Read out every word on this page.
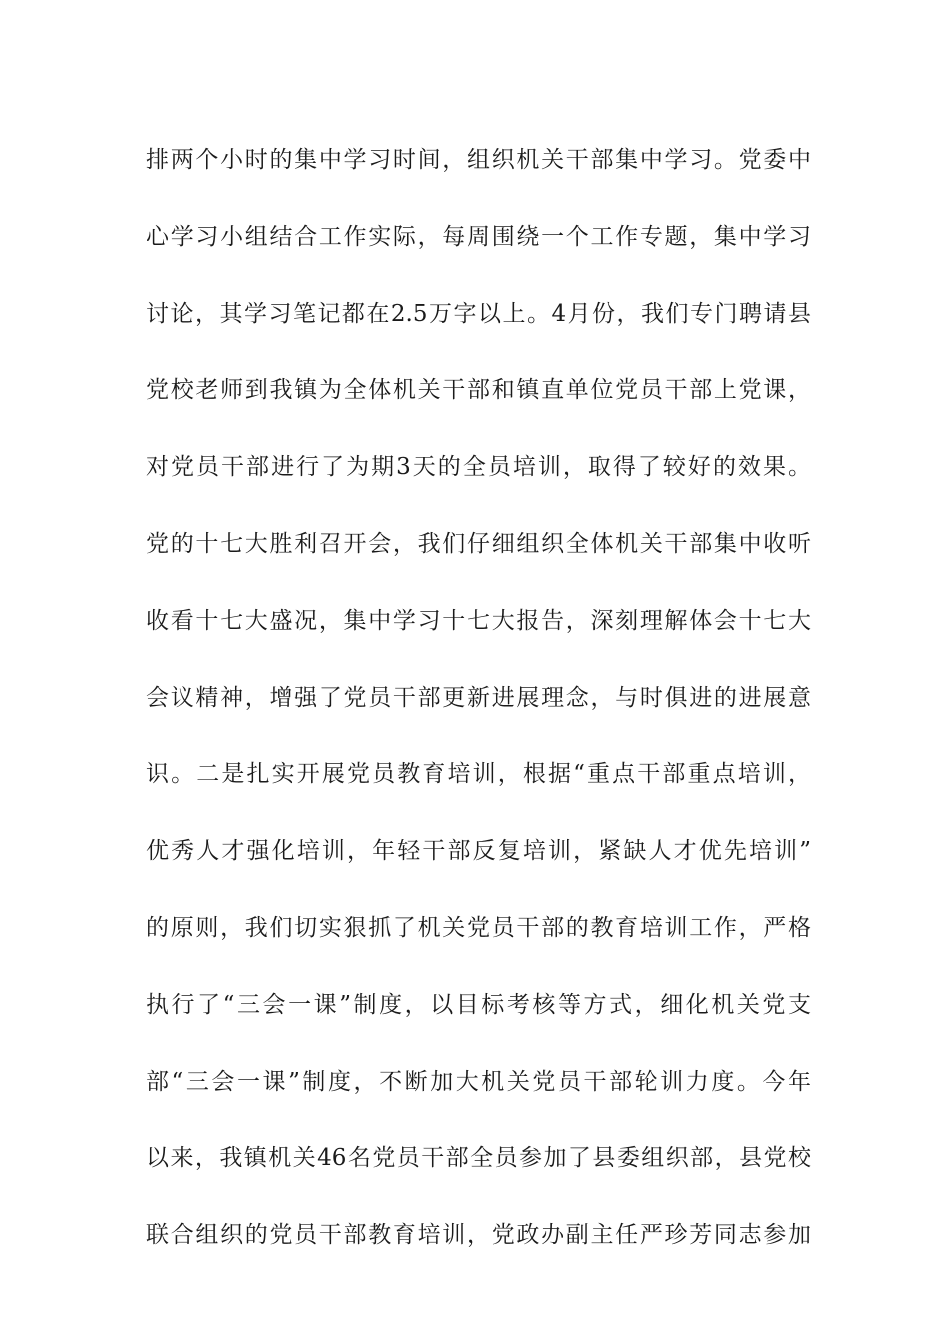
排两个小时的集中学习时间，组织机关干部集中学习。党委中
心学习小组结合工作实际，每周围绕一个工作专题，集中学习
讨论，其学习笔记都在2.5万字以上。4月份，我们专门聘请县
党校老师到我镇为全体机关干部和镇直单位党员干部上党课，
对党员干部进行了为期3天的全员培训，取得了较好的效果。
党的十七大胜利召开会，我们仔细组织全体机关干部集中收听
收看十七大盛况，集中学习十七大报告，深刻理解体会十七大
会议精神，增强了党员干部更新进展理念，与时俱进的进展意
识。二是扎实开展党员教育培训，根据“重点干部重点培训，
优秀人才强化培训，年轻干部反复培训，紧缺人才优先培训”
的原则，我们切实狠抓了机关党员干部的教育培训工作，严格
执行了“三会一课”制度，以目标考核等方式，细化机关党支
部“三会一课”制度，不断加大机关党员干部轮训力度。今年
以来，我镇机关46名党员干部全员参加了县委组织部，县党校
联合组织的党员干部教育培训，党政办副主任严珍芳同志参加
